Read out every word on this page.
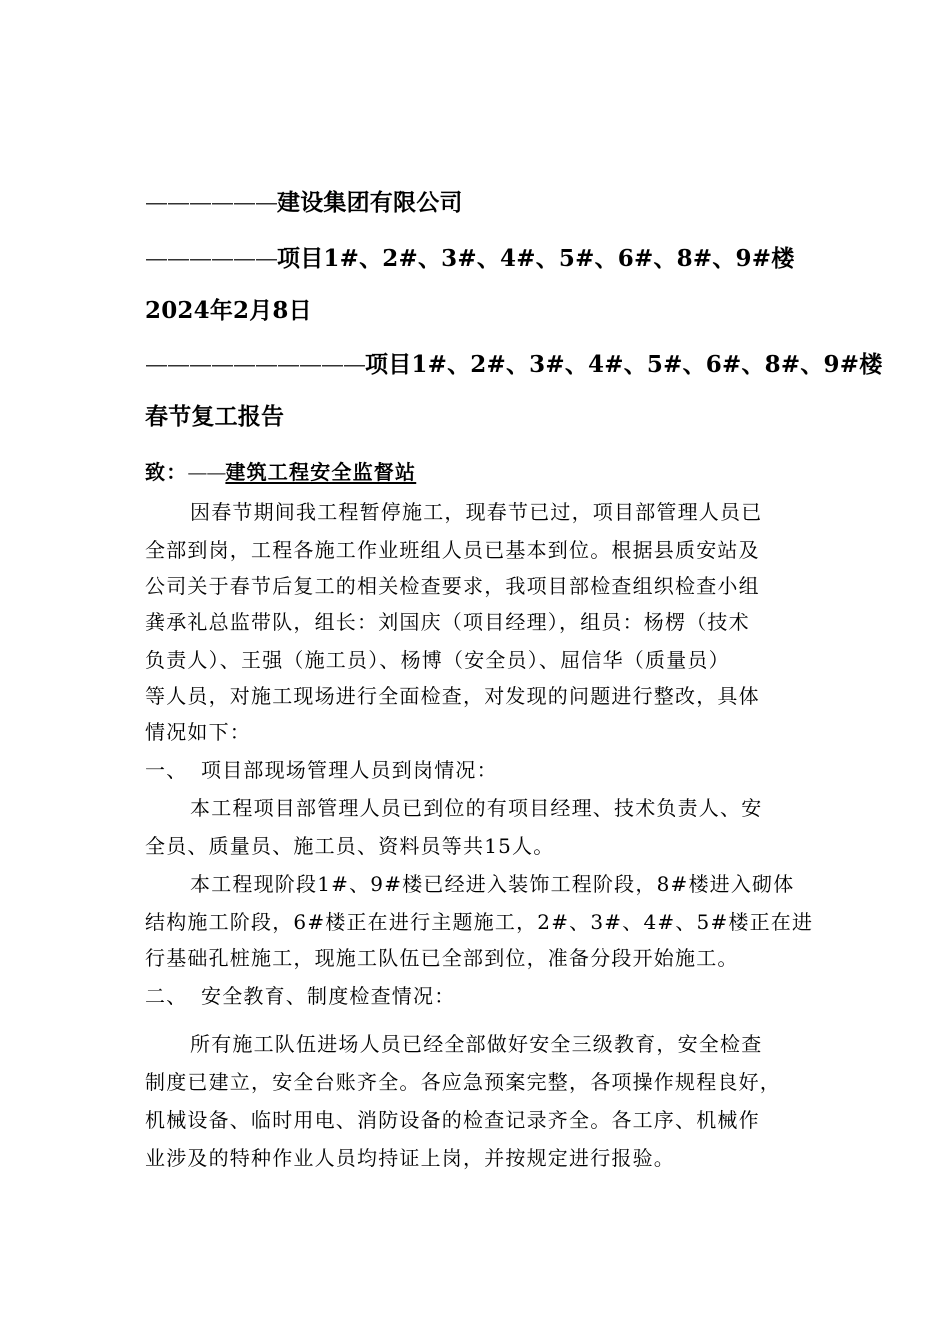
——————建设集团有限公司
——————项目1#、2#、3#、4#、5#、6#、8#、9#楼
2024年2月8日
——————————项目1#、2#、3#、4#、5#、6#、8#、9#楼
春节复工报告
致：——建筑工程安全监督站
因春节期间我工程暂停施工，现春节已过，项目部管理人员已
全部到岗，工程各施工作业班组人员已基本到位。根据县质安站及
公司关于春节后复工的相关检查要求，我项目部检查组织检查小组
龚承礼总监带队，组长：刘国庆（项目经理），组员：杨楞（技术
负责人）、王强（施工员）、杨博（安全员）、屈信华（质量员）
等人员，对施工现场进行全面检查，对发现的问题进行整改，具体
情况如下：
一、 项目部现场管理人员到岗情况：
本工程项目部管理人员已到位的有项目经理、技术负责人、安
全员、质量员、施工员、资料员等共15人。
本工程现阶段1#、9#楼已经进入装饰工程阶段，8#楼进入砌体
结构施工阶段，6#楼正在进行主题施工，2#、3#、4#、5#楼正在进
行基础孔桩施工，现施工队伍已全部到位，准备分段开始施工。
二、 安全教育、制度检查情况：
所有施工队伍进场人员已经全部做好安全三级教育，安全检查
制度已建立，安全台账齐全。各应急预案完整，各项操作规程良好，
机械设备、临时用电、消防设备的检查记录齐全。各工序、机械作
业涉及的特种作业人员均持证上岗，并按规定进行报验。
